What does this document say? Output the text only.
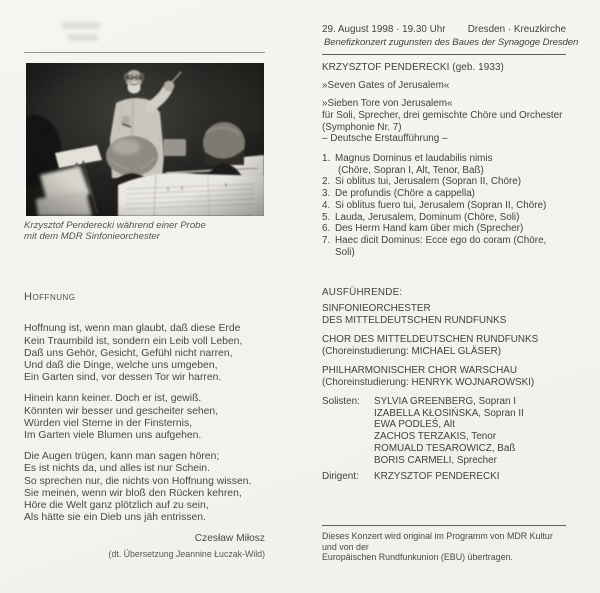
Krzysztof Penderecki während einer Probe
mit dem MDR Sinfonieorchester
Hoffnung
Hoffnung ist, wenn man glaubt, daß diese Erde
Kein Traumbild ist, sondern ein Leib voll Leben,
Daß uns Gehör, Gesicht, Gefühl nicht narren,
Und daß die Dinge, welche uns umgeben,
Ein Garten sind, vor dessen Tor wir harren.
Hinein kann keiner. Doch er ist, gewiß.
Könnten wir besser und gescheiter sehen,
Würden viel Sterne in der Finsternis,
Im Garten viele Blumen uns aufgehen.
Die Augen trügen, kann man sagen hören;
Es ist nichts da, und alles ist nur Schein.
So sprechen nur, die nichts von Hoffnung wissen.
Sie meinen, wenn wir bloß den Rücken kehren,
Höre die Welt ganz plötzlich auf zu sein,
Als hätte sie ein Dieb uns jäh entrissen.
Czesław Miłosz
(dt. Übersetzung Jeannine Łuczak-Wild)
29. August 1998 · 19.30 Uhr Dresden · Kreuzkirche
Benefizkonzert zugunsten des Baues der Synagoge Dresden
KRZYSZTOF PENDERECKI (geb. 1933)
»Seven Gates of Jerusalem«
»Sieben Tore von Jerusalem«
für Soli, Sprecher, drei gemischte Chöre und Orchester
(Symphonie Nr. 7)
– Deutsche Erstaufführung –
1. Magnus Dominus et laudabilis nimis
(Chöre, Sopran I, Alt, Tenor, Baß)
2. Si oblitus tui, Jerusalem (Sopran II, Chöre)
3. De profundis (Chöre a cappella)
4. Si oblitus fuero tui, Jerusalem (Sopran II, Chöre)
5. Lauda, Jerusalem, Dominum (Chöre, Soli)
6. Des Herrn Hand kam über mich (Sprecher)
7. Haec dicit Dominus: Ecce ego do coram (Chöre, Soli)
AUSFÜHRENDE:
SINFONIEORCHESTER
DES MITTELDEUTSCHEN RUNDFUNKS
CHOR DES MITTELDEUTSCHEN RUNDFUNKS
(Choreinstudierung: MICHAEL GLÄSER)
PHILHARMONISCHER CHOR WARSCHAU
(Choreinstudierung: HENRYK WOJNAROWSKI)
Solisten:	SYLVIA GREENBERG, Sopran I
IZABELLA KŁOSIŃSKA, Sopran II
EWA PODLEŚ, Alt
ZACHOS TERZAKIS, Tenor
ROMUALD TESAROWICZ, Baß
BORIS CARMELI, Sprecher
Dirigent:	KRZYSZTOF PENDERECKI
Dieses Konzert wird original im Programm von MDR Kultur und von der
Europäischen Rundfunkunion (EBU) übertragen.
